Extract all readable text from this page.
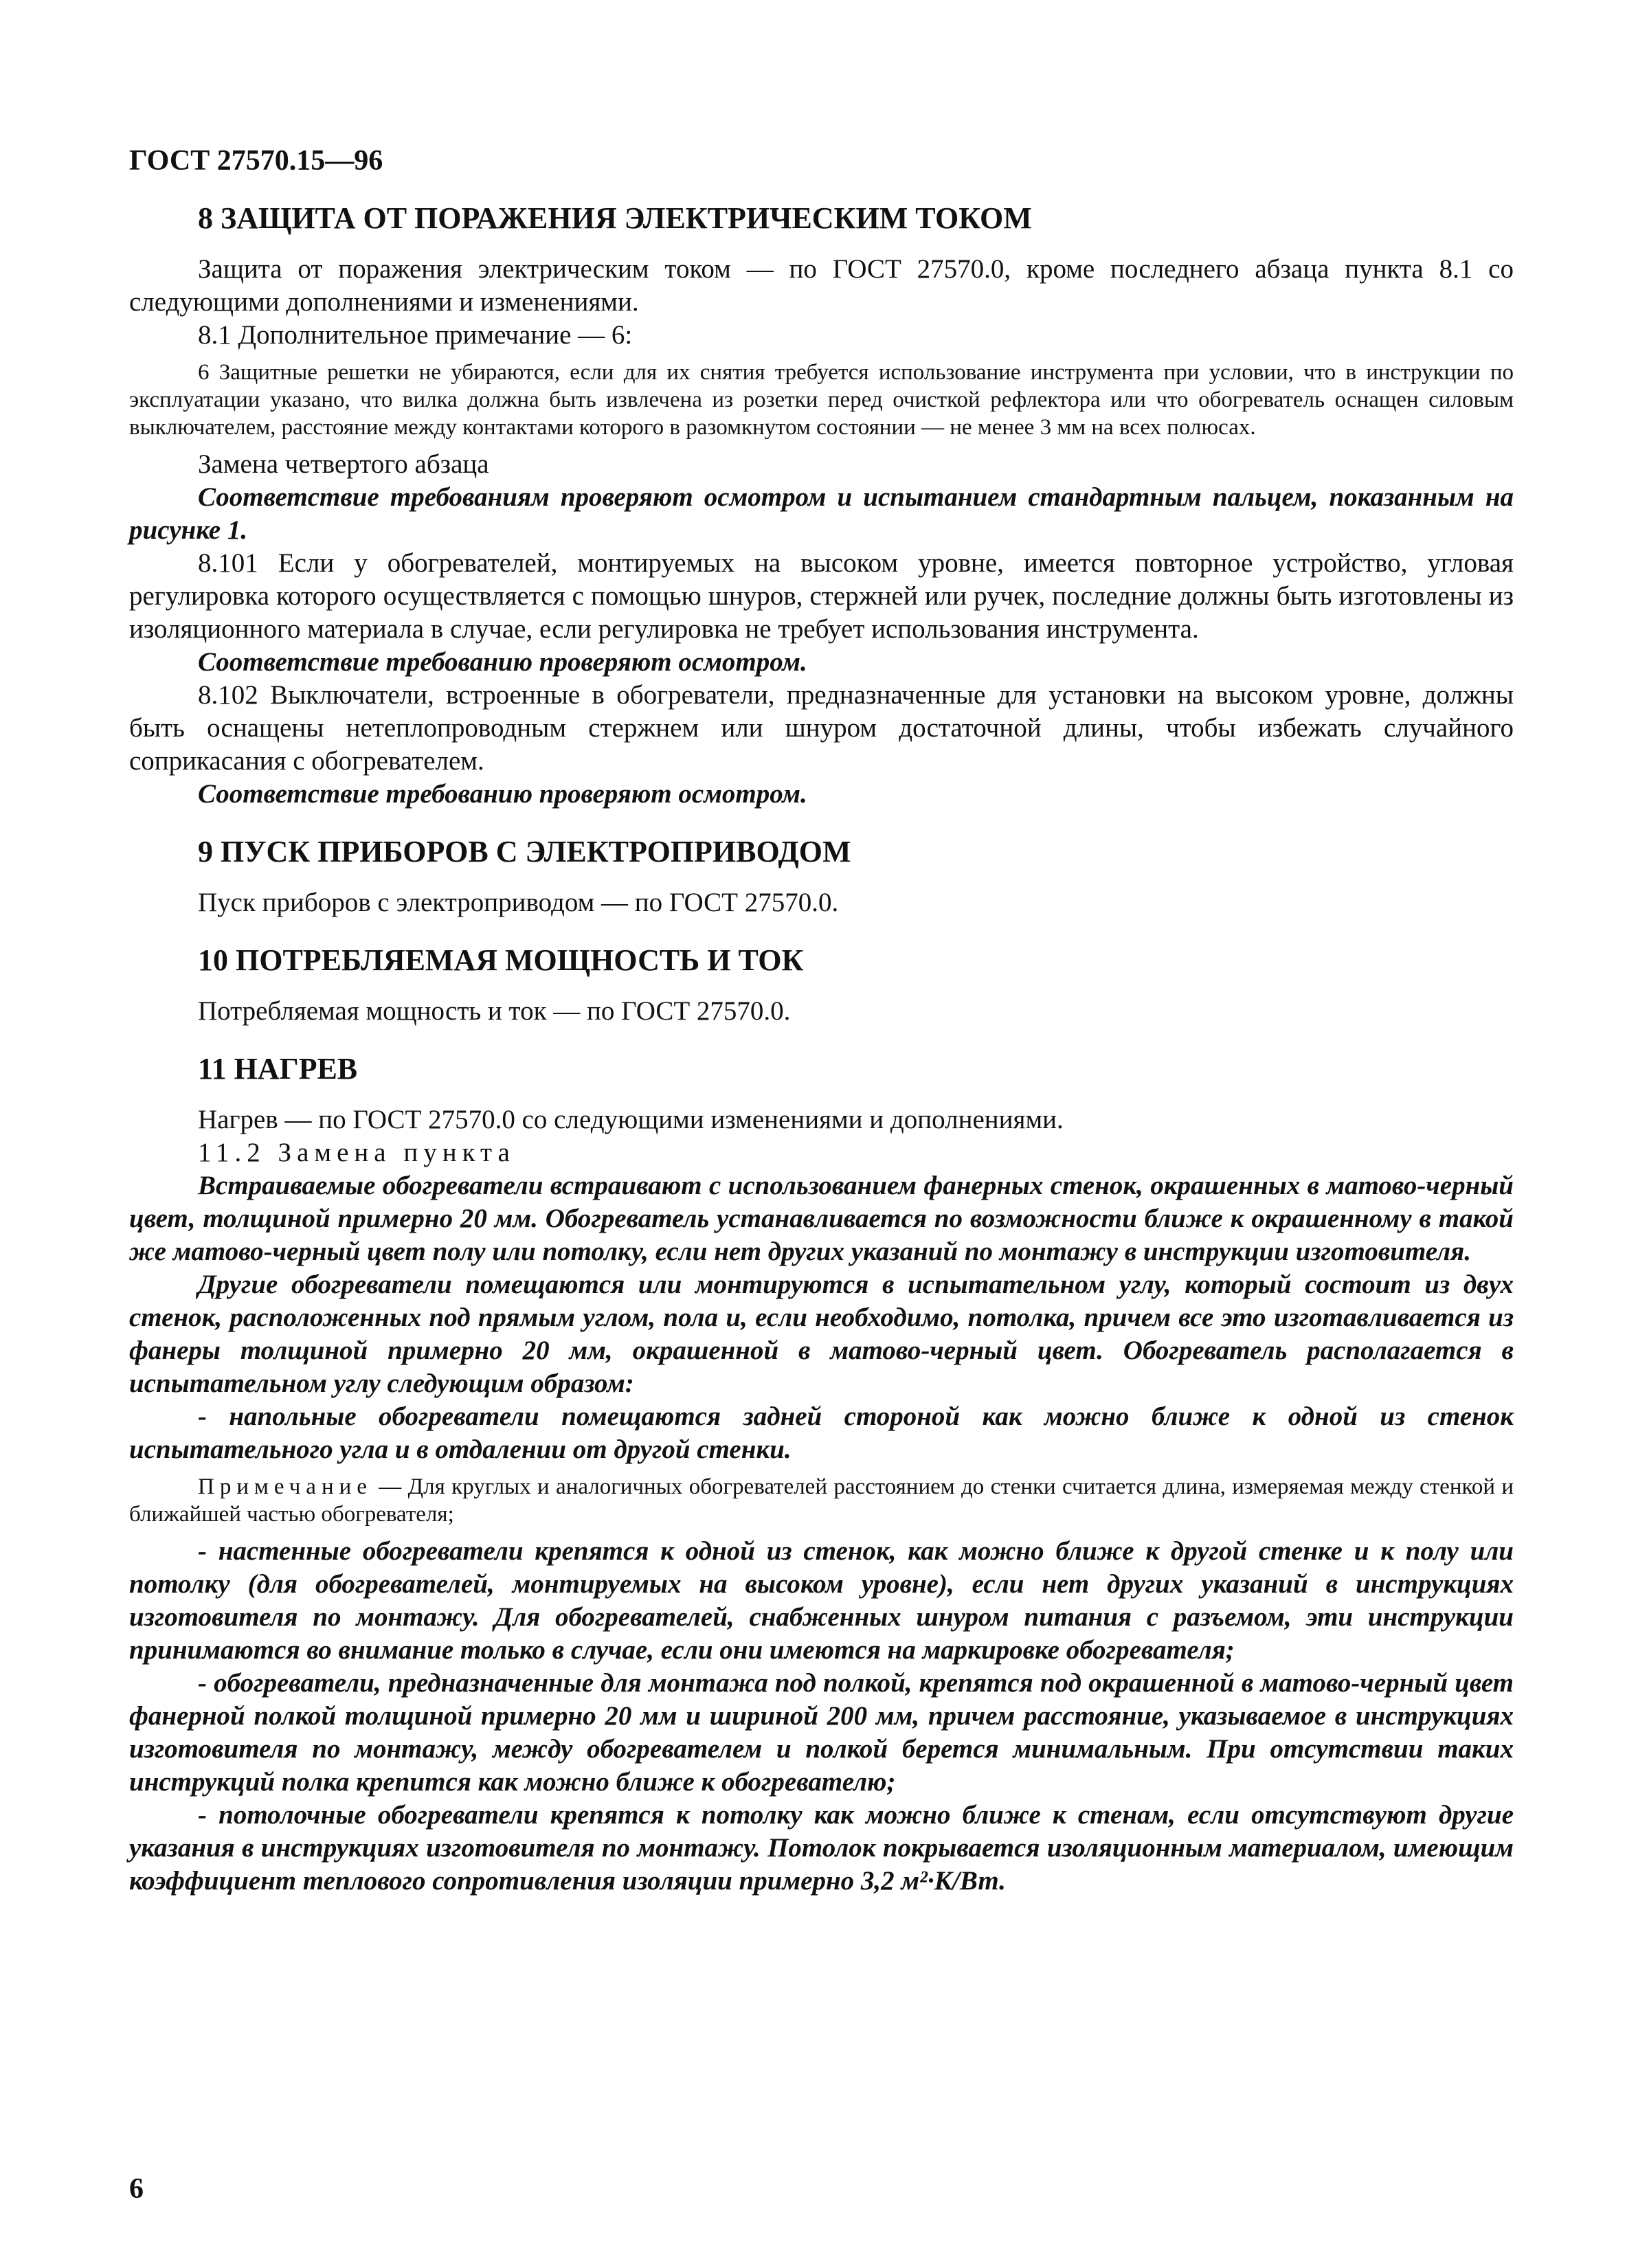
ГОСТ 27570.15—96
8 ЗАЩИТА ОТ ПОРАЖЕНИЯ ЭЛЕКТРИЧЕСКИМ ТОКОМ

Защита от поражения электрическим током — по ГОСТ 27570.0, кроме последнего абзаца пункта 8.1 со следующими дополнениями и изменениями.

8.1 Дополнительное примечание — 6:

6 Защитные решетки не убираются, если для их снятия требуется использование инструмента при условии, что в инструкции по эксплуатации указано, что вилка должна быть извлечена из розетки перед очисткой рефлектора или что обогреватель оснащен силовым выключателем, расстояние между контактами которого в разомкнутом состоянии — не менее 3 мм на всех полюсах.

Замена четвертого абзаца

Соответствие требованиям проверяют осмотром и испытанием стандартным пальцем, показанным на рисунке 1.

8.101 Если у обогревателей, монтируемых на высоком уровне, имеется повторное устройство, угловая регулировка которого осуществляется с помощью шнуров, стержней или ручек, последние должны быть изготовлены из изоляционного материала в случае, если регулировка не требует использования инструмента.

Соответствие требованию проверяют осмотром.

8.102 Выключатели, встроенные в обогреватели, предназначенные для установки на высоком уровне, должны быть оснащены нетеплопроводным стержнем или шнуром достаточной длины, чтобы избежать случайного соприкасания с обогревателем.

Соответствие требованию проверяют осмотром.

9 ПУСК ПРИБОРОВ С ЭЛЕКТРОПРИВОДОМ

Пуск приборов с электроприводом — по ГОСТ 27570.0.

10 ПОТРЕБЛЯЕМАЯ МОЩНОСТЬ И ТОК

Потребляемая мощность и ток — по ГОСТ 27570.0.

11 НАГРЕВ

Нагрев — по ГОСТ 27570.0 со следующими изменениями и дополнениями.

11.2 Замена пункта

Встраиваемые обогреватели встраивают с использованием фанерных стенок, окрашенных в матово-черный цвет, толщиной примерно 20 мм. Обогреватель устанавливается по возможности ближе к окрашенному в такой же матово-черный цвет полу или потолку, если нет других указаний по монтажу в инструкции изготовителя.

Другие обогреватели помещаются или монтируются в испытательном углу, который состоит из двух стенок, расположенных под прямым углом, пола и, если необходимо, потолка, причем все это изготавливается из фанеры толщиной примерно 20 мм, окрашенной в матово-черный цвет. Обогреватель располагается в испытательном углу следующим образом:

- напольные обогреватели помещаются задней стороной как можно ближе к одной из стенок испытательного угла и в отдалении от другой стенки.

Примечание — Для круглых и аналогичных обогревателей расстоянием до стенки считается длина, измеряемая между стенкой и ближайшей частью обогревателя;

- настенные обогреватели крепятся к одной из стенок, как можно ближе к другой стенке и к полу или потолку (для обогревателей, монтируемых на высоком уровне), если нет других указаний в инструкциях изготовителя по монтажу. Для обогревателей, снабженных шнуром питания с разъемом, эти инструкции принимаются во внимание только в случае, если они имеются на маркировке обогревателя;

- обогреватели, предназначенные для монтажа под полкой, крепятся под окрашенной в матово-черный цвет фанерной полкой толщиной примерно 20 мм и шириной 200 мм, причем расстояние, указываемое в инструкциях изготовителя по монтажу, между обогревателем и полкой берется минимальным. При отсутствии таких инструкций полка крепится как можно ближе к обогревателю;

- потолочные обогреватели крепятся к потолку как можно ближе к стенам, если отсутствуют другие указания в инструкциях изготовителя по монтажу. Потолок покрывается изоляционным материалом, имеющим коэффициент теплового сопротивления изоляции примерно 3,2 м²·К/Вт.

6
